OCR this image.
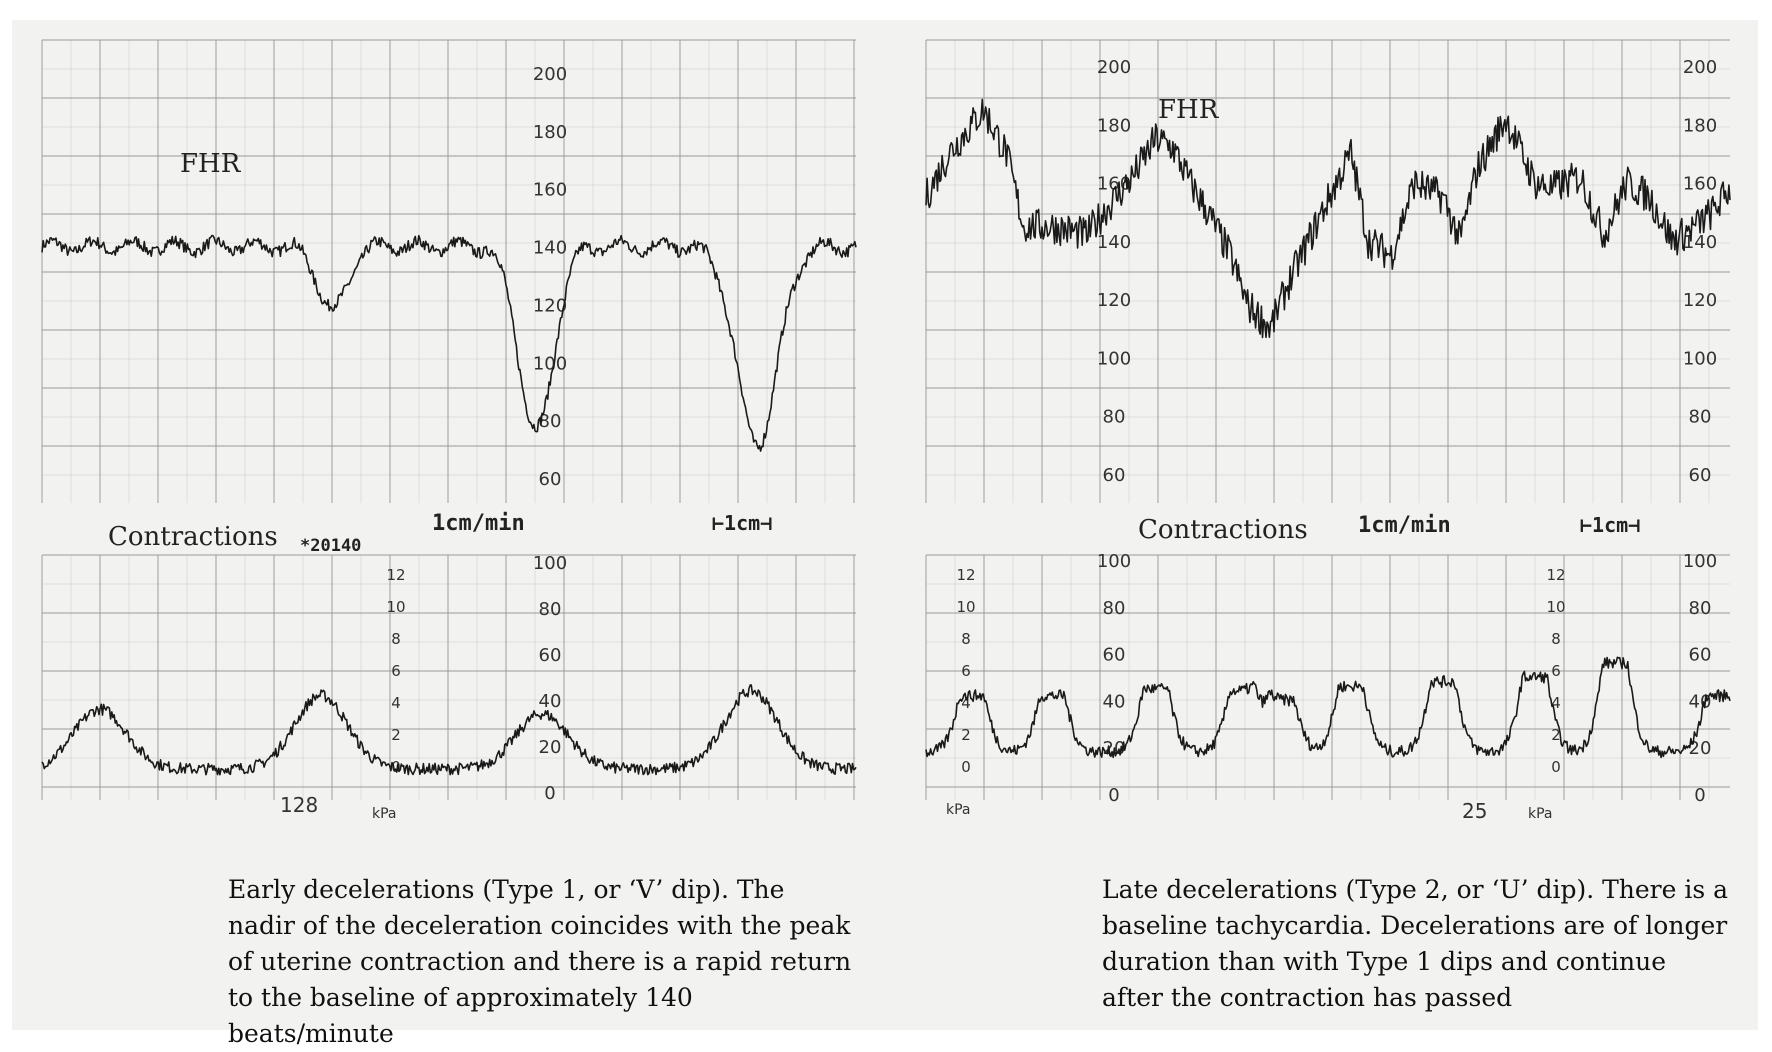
200
180
160
140
120
100
80
60
100
80
60
40
20
0
12
10
8
6
4
2
0
200	200
180	180
160	160
140	140
120	120
100	100
80	80
60	60
100	100
80	80
60	60
40	40
20	20
0	0
12
10
8
6
4
2
0
12
10
8
6
4
2
0
FHR
Contractions	1cm/min	⊢1cm⊣
*20140
128	kPa
FHR
Contractions 1cm/min	⊢1cm⊣
25
kPa	kPa
Early decelerations (Type 1, or ‘V’ dip). The nadir of the deceleration coincides with the peak of uterine contraction and there is a rapid return to the baseline of approximately 140 beats/minute
Late decelerations (Type 2, or ‘U’ dip). There is a baseline tachycardia. Decelerations are of longer duration than with Type 1 dips and continue after the contraction has passed
